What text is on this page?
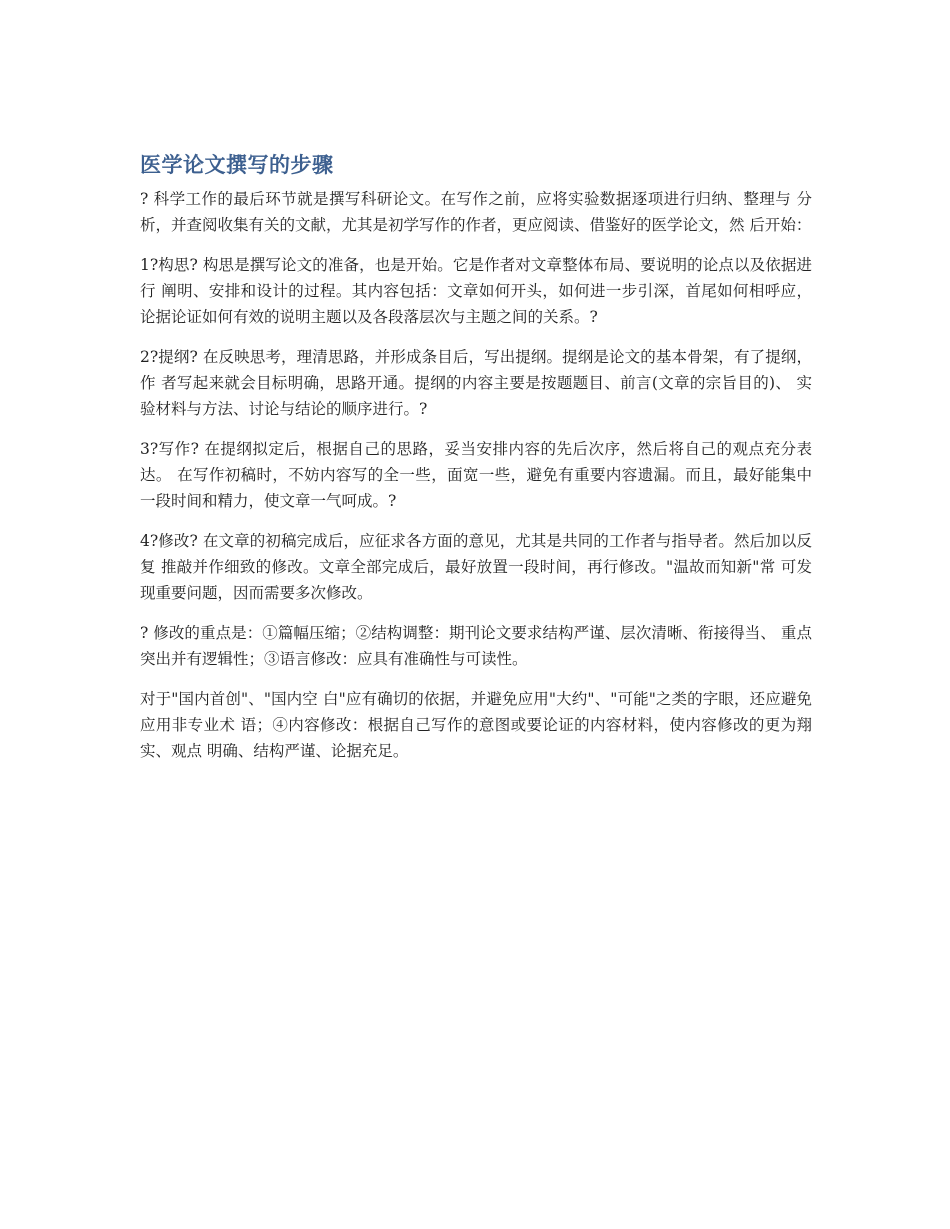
医学论文撰写的步骤

? 科学工作的最后环节就是撰写科研论文。在写作之前，应将实验数据逐项进行归纳、整理与 分析，并查阅收集有关的文献，尤其是初学写作的作者，更应阅读、借鉴好的医学论文，然 后开始：

1?构思? 构思是撰写论文的准备，也是开始。它是作者对文章整体布局、要说明的论点以及依据进行 阐明、安排和设计的过程。其内容包括：文章如何开头，如何进一步引深，首尾如何相呼应， 论据论证如何有效的说明主题以及各段落层次与主题之间的关系。?

2?提纲? 在反映思考，理清思路，并形成条目后，写出提纲。提纲是论文的基本骨架，有了提纲，作 者写起来就会目标明确，思路开通。提纲的内容主要是按题题目、前言(文章的宗旨目的)、 实验材料与方法、讨论与结论的顺序进行。?

3?写作? 在提纲拟定后，根据自己的思路，妥当安排内容的先后次序，然后将自己的观点充分表达。 在写作初稿时，不妨内容写的全一些，面宽一些，避免有重要内容遗漏。而且，最好能集中 一段时间和精力，使文章一气呵成。?

4?修改? 在文章的初稿完成后，应征求各方面的意见，尤其是共同的工作者与指导者。然后加以反复 推敲并作细致的修改。文章全部完成后，最好放置一段时间，再行修改。"温故而知新"常 可发现重要问题，因而需要多次修改。

? 修改的重点是：①篇幅压缩；②结构调整：期刊论文要求结构严谨、层次清晰、衔接得当、 重点突出并有逻辑性；③语言修改：应具有准确性与可读性。

对于"国内首创"、"国内空 白"应有确切的依据，并避免应用"大约"、"可能"之类的字眼，还应避免应用非专业术 语；④内容修改：根据自己写作的意图或要论证的内容材料，使内容修改的更为翔实、观点 明确、结构严谨、论据充足。
